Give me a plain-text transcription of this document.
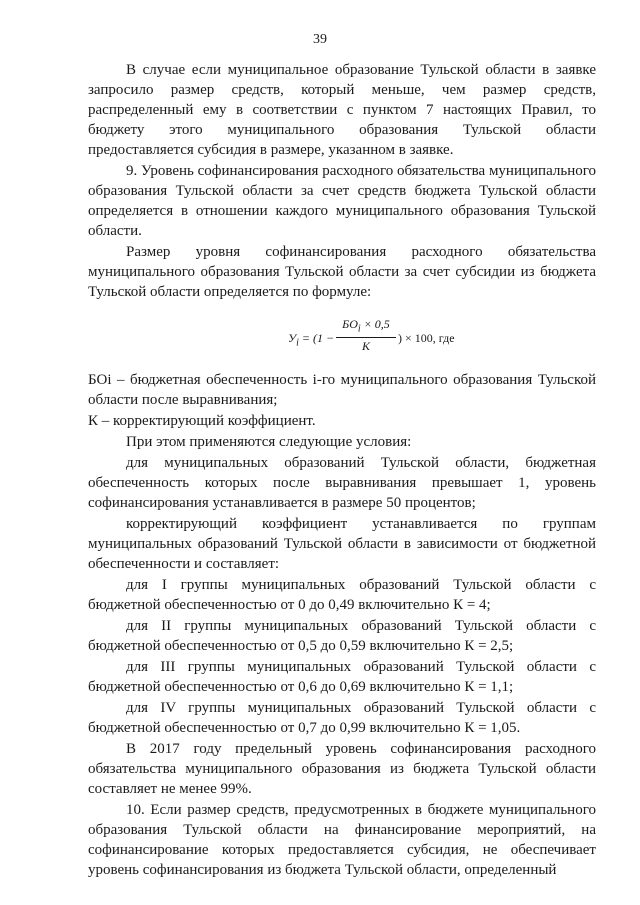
39

В случае если муниципальное образование Тульской области в заявке запросило размер средств, который меньше, чем размер средств, распределенный ему в соответствии с пунктом 7 настоящих Правил, то бюджету этого муниципального образования Тульской области предоставляется субсидия в размере, указанном в заявке.

9. Уровень софинансирования расходного обязательства муниципального образования Тульской области за счет средств бюджета Тульской области определяется в отношении каждого муниципального образования Тульской области.

Размер уровня софинансирования расходного обязательства муниципального образования Тульской области за счет субсидии из бюджета Тульской области определяется по формуле:

$У_i = (1$ −
$БО_i \times 0,5$
K
) × 100, где

БОi – бюджетная обеспеченность i-го муниципального образования Тульской области после выравнивания;

К – корректирующий коэффициент.

При этом применяются следующие условия:

для муниципальных образований Тульской области, бюджетная обеспеченность которых после выравнивания превышает 1, уровень софинансирования устанавливается в размере 50 процентов;

корректирующий коэффициент устанавливается по группам муниципальных образований Тульской области в зависимости от бюджетной обеспеченности и составляет:

для I группы муниципальных образований Тульской области с бюджетной обеспеченностью от 0 до 0,49 включительно К = 4;

для II группы муниципальных образований Тульской области с бюджетной обеспеченностью от 0,5 до 0,59 включительно К = 2,5;

для III группы муниципальных образований Тульской области с бюджетной обеспеченностью от 0,6 до 0,69 включительно К = 1,1;

для IV группы муниципальных образований Тульской области с бюджетной обеспеченностью от 0,7 до 0,99 включительно К = 1,05.

В 2017 году предельный уровень софинансирования расходного обязательства муниципального образования из бюджета Тульской области составляет не менее 99%.

10. Если размер средств, предусмотренных в бюджете муниципального образования Тульской области на финансирование мероприятий, на софинансирование которых предоставляется субсидия, не обеспечивает уровень софинансирования из бюджета Тульской области, определенный
